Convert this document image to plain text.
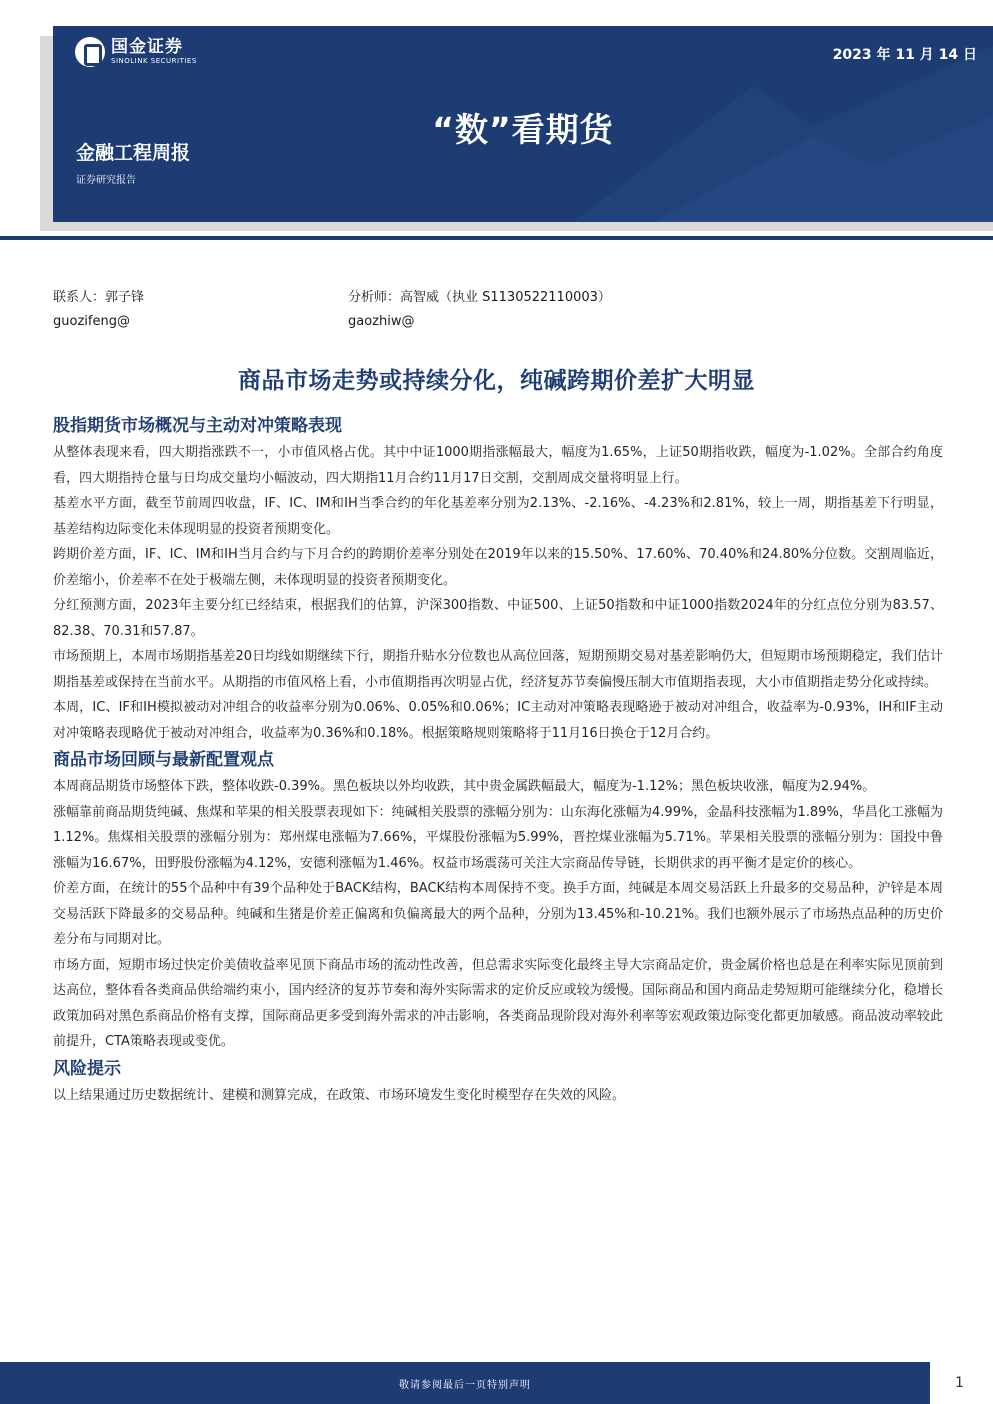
国金证券
SINOLINK SECURITIES	2023 年 11 月 14 日
“数”看期货
金融工程周报
证券研究报告
联系人：郭子锋
guozifeng@
分析师：高智威（执业 S1130522110003）
gaozhiw@
商品市场走势或持续分化，纯碱跨期价差扩大明显
股指期货市场概况与主动对冲策略表现

从整体表现来看，四大期指涨跌不一，小市值风格占优。其中中证1000期指涨幅最大，幅度为1.65%，上证50期指收跌，幅度为-1.02%。全部合约角度看，四大期指持仓量与日均成交量均小幅波动，四大期指11月合约11月17日交割，交割周成交量将明显上行。

基差水平方面，截至节前周四收盘，IF、IC、IM和IH当季合约的年化基差率分别为2.13%、-2.16%、-4.23%和2.81%，较上一周，期指基差下行明显，基差结构边际变化未体现明显的投资者预期变化。

跨期价差方面，IF、IC、IM和IH当月合约与下月合约的跨期价差率分别处在2019年以来的15.50%、17.60%、70.40%和24.80%分位数。交割周临近，价差缩小，价差率不在处于极端左侧，未体现明显的投资者预期变化。

分红预测方面，2023年主要分红已经结束，根据我们的估算，沪深300指数、中证500、上证50指数和中证1000指数2024年的分红点位分别为83.57、82.38、70.31和57.87。

市场预期上，本周市场期指基差20日均线如期继续下行，期指升贴水分位数也从高位回落，短期预期交易对基差影响仍大，但短期市场预期稳定，我们估计期指基差或保持在当前水平。从期指的市值风格上看，小市值期指再次明显占优，经济复苏节奏偏慢压制大市值期指表现，大小市值期指走势分化或持续。

本周，IC、IF和IH模拟被动对冲组合的收益率分别为0.06%、0.05%和0.06%；IC主动对冲策略表现略逊于被动对冲组合，收益率为-0.93%，IH和IF主动对冲策略表现略优于被动对冲组合，收益率为0.36%和0.18%。根据策略规则策略将于11月16日换仓于12月合约。

商品市场回顾与最新配置观点

本周商品期货市场整体下跌，整体收跌-0.39%。黑色板块以外均收跌，其中贵金属跌幅最大，幅度为-1.12%；黑色板块收涨，幅度为2.94%。

涨幅靠前商品期货纯碱、焦煤和苹果的相关股票表现如下：纯碱相关股票的涨幅分别为：山东海化涨幅为4.99%，金晶科技涨幅为1.89%，华昌化工涨幅为1.12%。焦煤相关股票的涨幅分别为：郑州煤电涨幅为7.66%，平煤股份涨幅为5.99%，晋控煤业涨幅为5.71%。苹果相关股票的涨幅分别为：国投中鲁涨幅为16.67%，田野股份涨幅为4.12%，安德利涨幅为1.46%。权益市场震荡可关注大宗商品传导链，长期供求的再平衡才是定价的核心。

价差方面，在统计的55个品种中有39个品种处于BACK结构，BACK结构本周保持不变。换手方面，纯碱是本周交易活跃上升最多的交易品种，沪锌是本周交易活跃下降最多的交易品种。纯碱和生猪是价差正偏离和负偏离最大的两个品种，分别为13.45%和-10.21%。我们也额外展示了市场热点品种的历史价差分布与同期对比。

市场方面，短期市场过快定价美债收益率见顶下商品市场的流动性改善，但总需求实际变化最终主导大宗商品定价，贵金属价格也总是在利率实际见顶前到达高位，整体看各类商品供给端约束小，国内经济的复苏节奏和海外实际需求的定价反应或较为缓慢。国际商品和国内商品走势短期可能继续分化，稳增长政策加码对黑色系商品价格有支撑，国际商品更多受到海外需求的冲击影响，各类商品现阶段对海外利率等宏观政策边际变化都更加敏感。商品波动率较此前提升，CTA策略表现或变优。

风险提示

以上结果通过历史数据统计、建模和测算完成，在政策、市场环境发生变化时模型存在失效的风险。

敬请参阅最后一页特别声明	1
